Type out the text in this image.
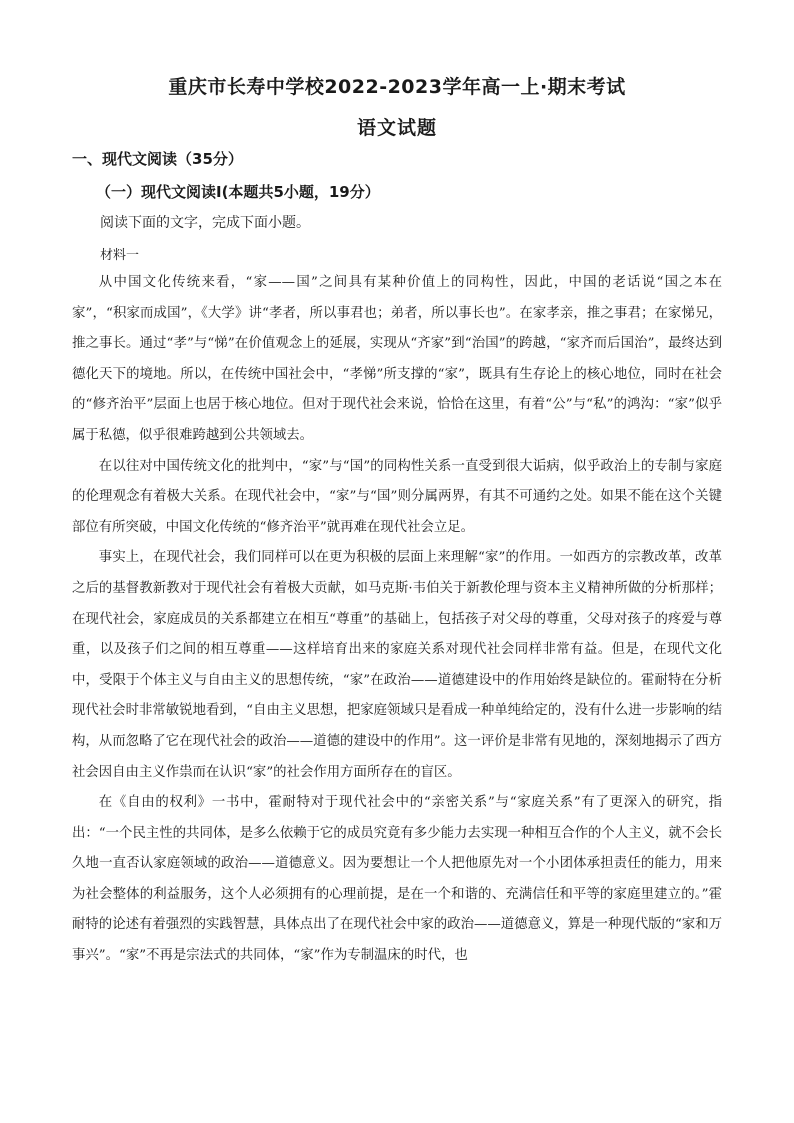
重庆市长寿中学校2022-2023学年高一上·期末考试
语文试题
一、现代文阅读（35分）
（一）现代文阅读Ⅰ(本题共5小题，19分）
阅读下面的文字，完成下面小题。
材料一

从中国文化传统来看，“家——国”之间具有某种价值上的同构性，因此，中国的老话说“国之本在家”，“积家而成国”，《大学》讲“孝者，所以事君也；弟者，所以事长也”。在家孝亲，推之事君；在家悌兄，推之事长。通过“孝”与“悌”在价值观念上的延展，实现从“齐家”到“治国”的跨越，“家齐而后国治”，最终达到德化天下的境地。所以，在传统中国社会中，“孝悌”所支撑的“家”，既具有生存论上的核心地位，同时在社会的“修齐治平”层面上也居于核心地位。但对于现代社会来说，恰恰在这里，有着“公”与“私”的鸿沟：“家”似乎属于私德，似乎很难跨越到公共领域去。

在以往对中国传统文化的批判中，“家”与“国”的同构性关系一直受到很大诟病，似乎政治上的专制与家庭的伦理观念有着极大关系。在现代社会中，“家”与“国”则分属两界，有其不可通约之处。如果不能在这个关键部位有所突破，中国文化传统的“修齐治平”就再难在现代社会立足。

事实上，在现代社会，我们同样可以在更为积极的层面上来理解“家”的作用。一如西方的宗教改革，改革之后的基督教新教对于现代社会有着极大贡献，如马克斯·韦伯关于新教伦理与资本主义精神所做的分析那样；在现代社会，家庭成员的关系都建立在相互“尊重”的基础上，包括孩子对父母的尊重，父母对孩子的疼爱与尊重，以及孩子们之间的相互尊重——这样培育出来的家庭关系对现代社会同样非常有益。但是，在现代文化中，受限于个体主义与自由主义的思想传统，“家”在政治——道德建设中的作用始终是缺位的。霍耐特在分析现代社会时非常敏锐地看到，“自由主义思想，把家庭领域只是看成一种单纯给定的，没有什么进一步影响的结构，从而忽略了它在现代社会的政治——道德的建设中的作用”。这一评价是非常有见地的，深刻地揭示了西方社会因自由主义作祟而在认识“家”的社会作用方面所存在的盲区。

在《自由的权利》一书中，霍耐特对于现代社会中的“亲密关系”与“家庭关系”有了更深入的研究，指出：“一个民主性的共同体，是多么依赖于它的成员究竟有多少能力去实现一种相互合作的个人主义，就不会长久地一直否认家庭领域的政治——道德意义。因为要想让一个人把他原先对一个小团体承担责任的能力，用来为社会整体的利益服务，这个人必须拥有的心理前提，是在一个和谐的、充满信任和平等的家庭里建立的。”霍耐特的论述有着强烈的实践智慧，具体点出了在现代社会中家的政治——道德意义，算是一种现代版的“家和万事兴”。“家”不再是宗法式的共同体，“家”作为专制温床的时代，也
